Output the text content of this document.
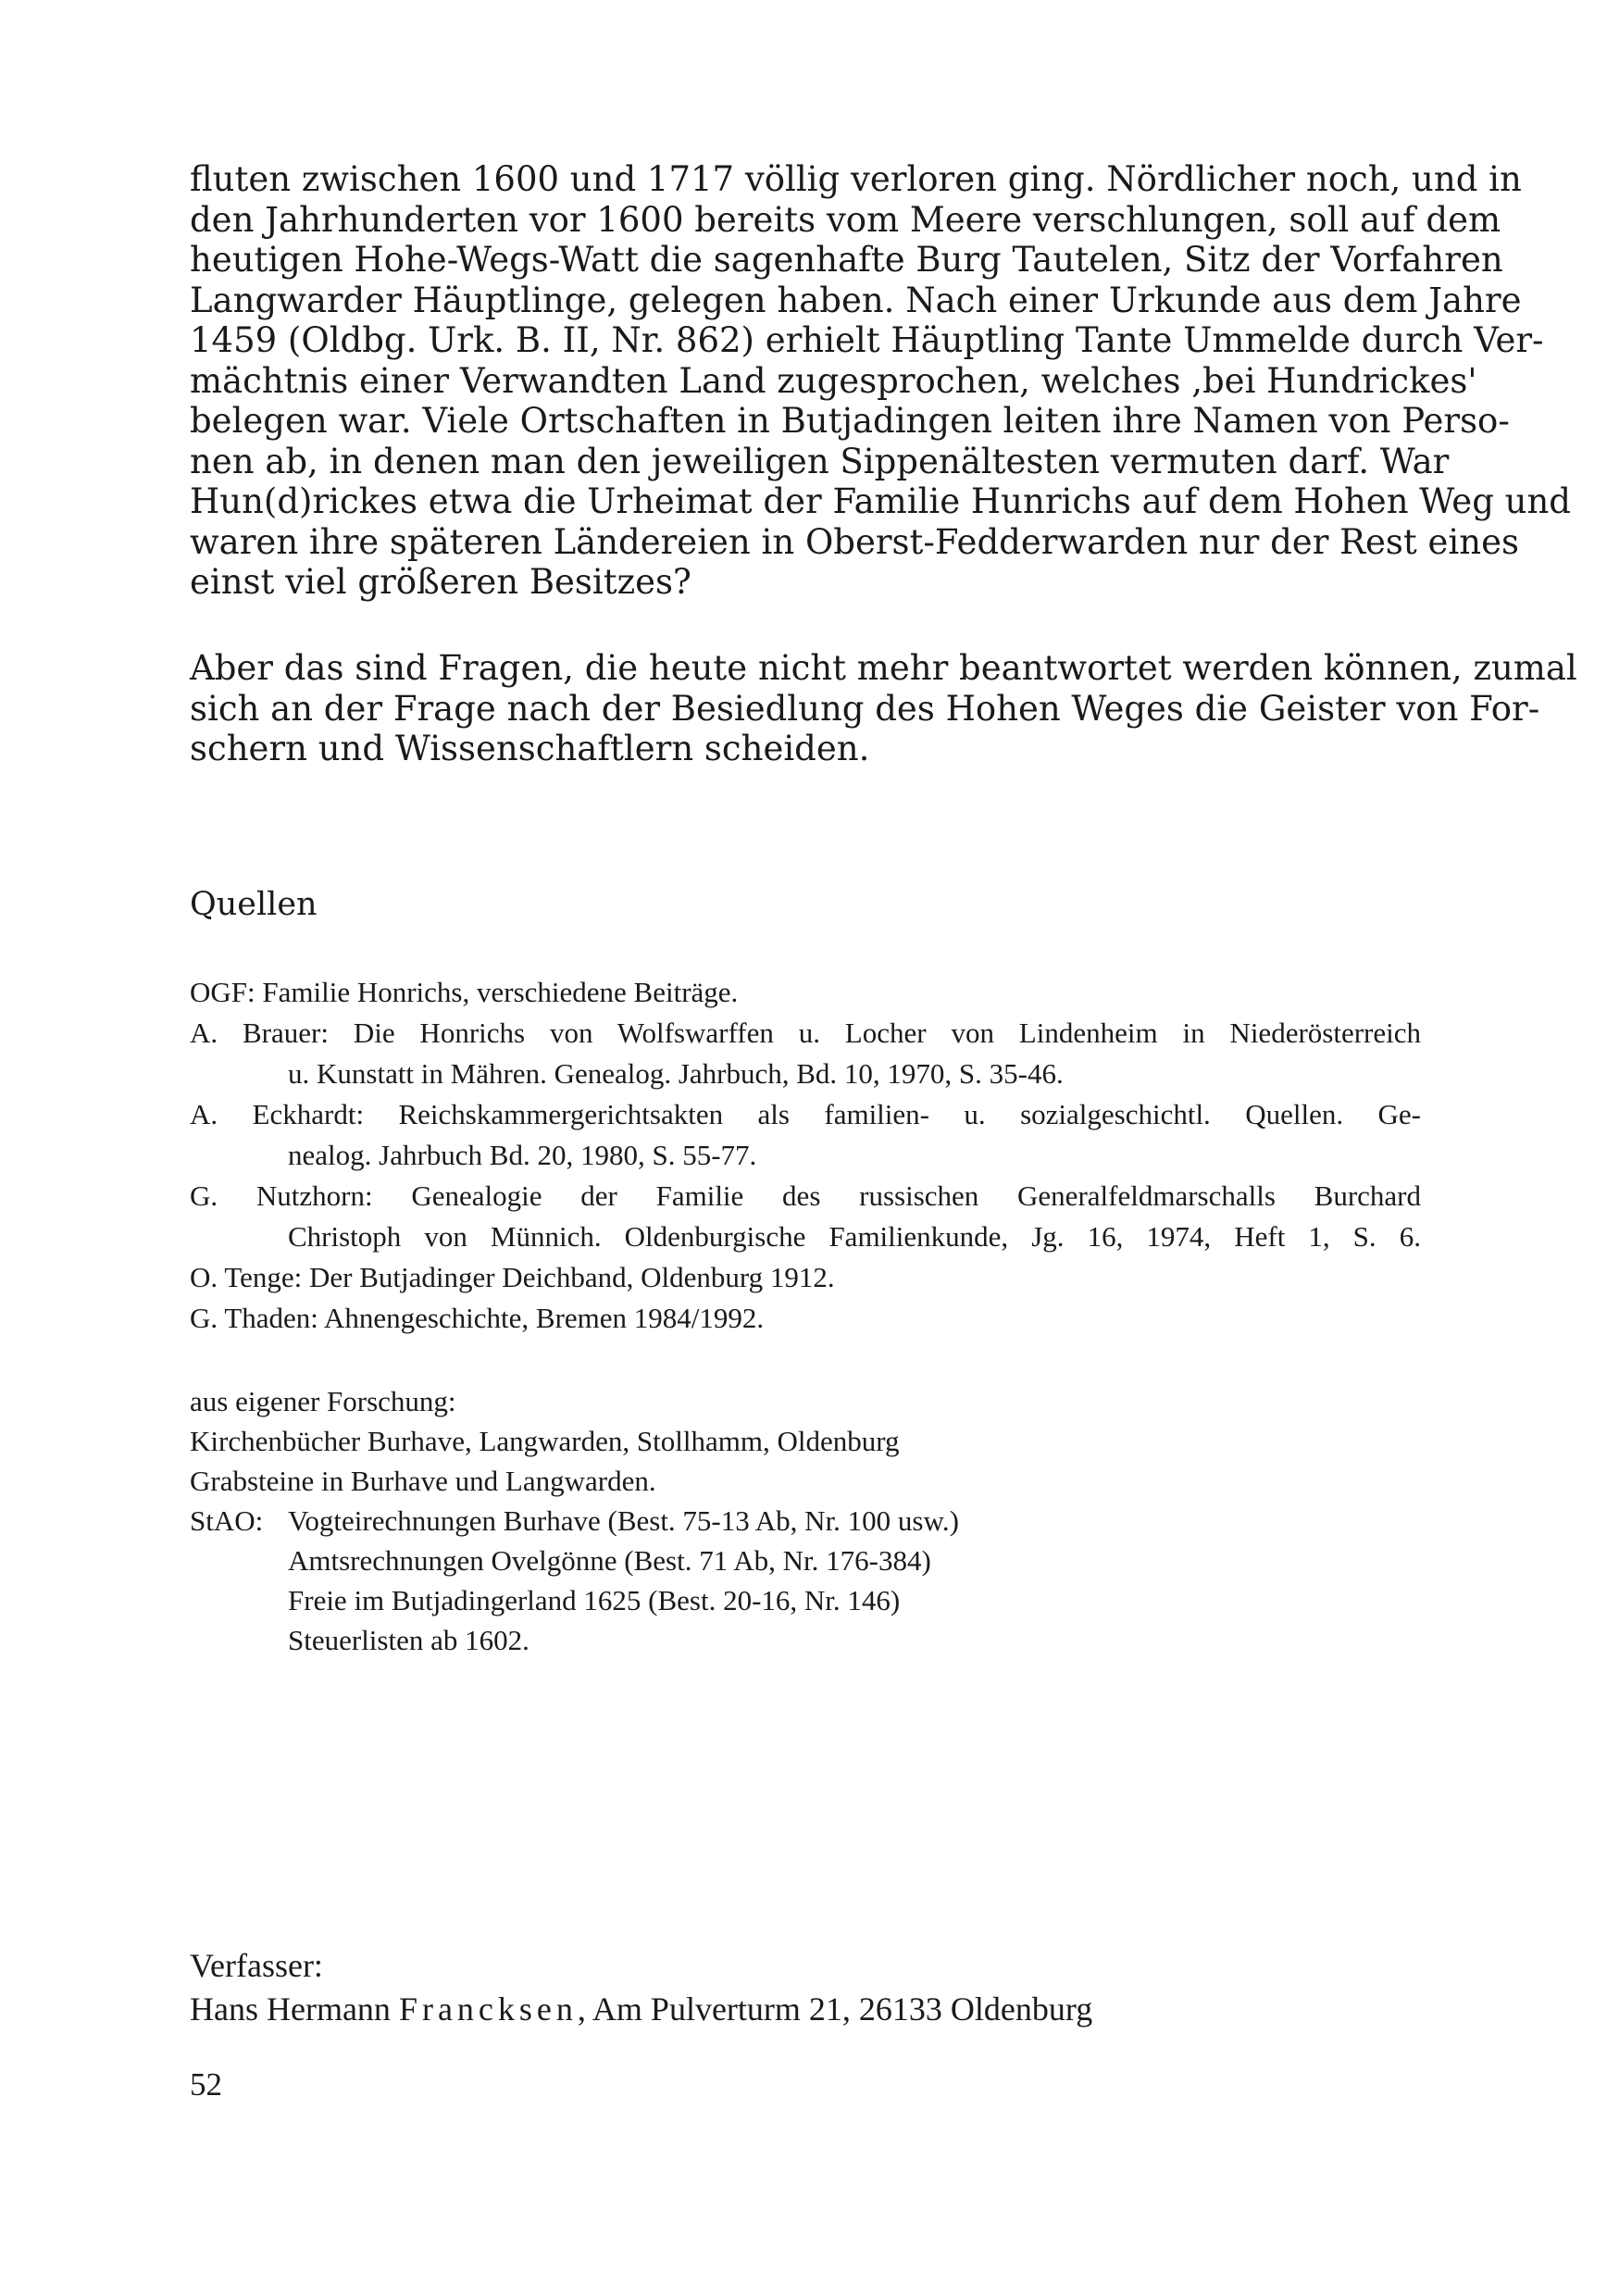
fluten zwischen 1600 und 1717 völlig verloren ging. Nördlicher noch, und in
den Jahrhunderten vor 1600 bereits vom Meere verschlungen, soll auf dem
heutigen Hohe-Wegs-Watt die sagenhafte Burg Tautelen, Sitz der Vorfahren
Langwarder Häuptlinge, gelegen haben. Nach einer Urkunde aus dem Jahre
1459 (Oldbg. Urk. B. II, Nr. 862) erhielt Häuptling Tante Ummelde durch Ver-
mächtnis einer Verwandten Land zugesprochen, welches ,bei Hundrickes'
belegen war. Viele Ortschaften in Butjadingen leiten ihre Namen von Perso-
nen ab, in denen man den jeweiligen Sippenältesten vermuten darf. War
Hun(d)rickes etwa die Urheimat der Familie Hunrichs auf dem Hohen Weg und
waren ihre späteren Ländereien in Oberst-Fedderwarden nur der Rest eines
einst viel größeren Besitzes?
Aber das sind Fragen, die heute nicht mehr beantwortet werden können, zumal
sich an der Frage nach der Besiedlung des Hohen Weges die Geister von For-
schern und Wissenschaftlern scheiden.
Quellen
OGF: Familie Honrichs, verschiedene Beiträge.
A. Brauer: Die Honrichs von Wolfswarffen u. Locher von Lindenheim in Niederösterreich
u. Kunstatt in Mähren. Genealog. Jahrbuch, Bd. 10, 1970, S. 35-46.
A. Eckhardt: Reichskammergerichtsakten als familien- u. sozialgeschichtl. Quellen. Ge-
nealog. Jahrbuch Bd. 20, 1980, S. 55-77.
G. Nutzhorn: Genealogie der Familie des russischen Generalfeldmarschalls Burchard
Christoph von Münnich. Oldenburgische Familienkunde, Jg. 16, 1974, Heft 1, S. 6.
O. Tenge: Der Butjadinger Deichband, Oldenburg 1912.
G. Thaden: Ahnengeschichte, Bremen 1984/1992.
aus eigener Forschung:
Kirchenbücher Burhave, Langwarden, Stollhamm, Oldenburg
Grabsteine in Burhave und Langwarden.
StAO: Vogteirechnungen Burhave (Best. 75-13 Ab, Nr. 100 usw.)
Amtsrechnungen Ovelgönne (Best. 71 Ab, Nr. 176-384)
Freie im Butjadingerland 1625 (Best. 20-16, Nr. 146)
Steuerlisten ab 1602.
Verfasser:
Hans Hermann Francksen, Am Pulverturm 21, 26133 Oldenburg
52
